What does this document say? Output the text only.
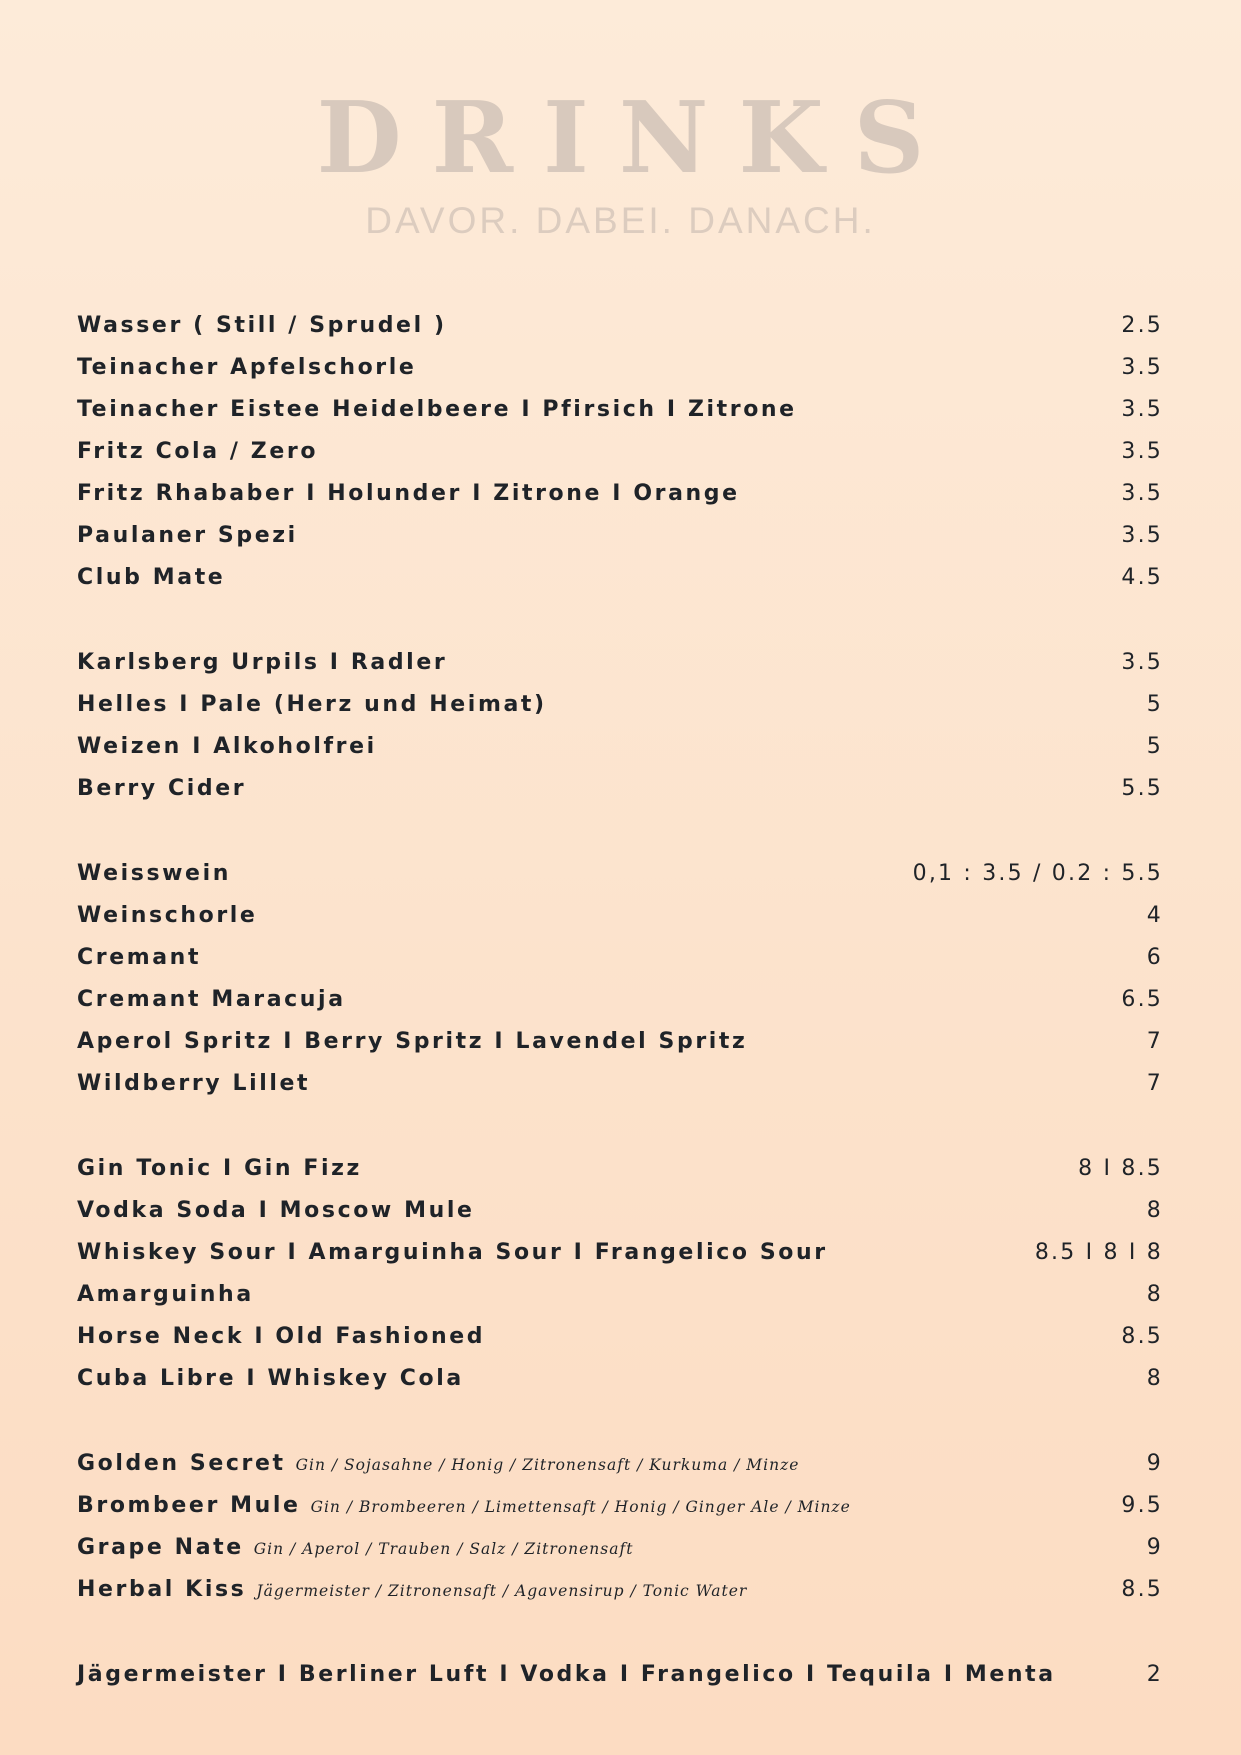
DRINKS
DAVOR. DABEI. DANACH.
Wasser ( Still / Sprudel )	2.5
Teinacher Apfelschorle	3.5
Teinacher Eistee Heidelbeere I Pfirsich I Zitrone	3.5
Fritz Cola / Zero	3.5
Fritz Rhababer I Holunder I Zitrone I Orange	3.5
Paulaner Spezi	3.5
Club Mate	4.5
Karlsberg Urpils I Radler	3.5
Helles I Pale (Herz und Heimat)	5
Weizen I Alkoholfrei	5
Berry Cider	5.5
Weisswein	0,1 : 3.5 / 0.2 : 5.5
Weinschorle	4
Cremant	6
Cremant Maracuja	6.5
Aperol Spritz I Berry Spritz I Lavendel Spritz	7
Wildberry Lillet	7
Gin Tonic I Gin Fizz	8 I 8.5
Vodka Soda I Moscow Mule	8
Whiskey Sour I Amarguinha Sour I Frangelico Sour	8.5 I 8 I 8
Amarguinha	8
Horse Neck I Old Fashioned	8.5
Cuba Libre I Whiskey Cola	8
Golden Secret Gin / Sojasahne / Honig / Zitronensaft / Kurkuma / Minze	9
Brombeer Mule Gin / Brombeeren / Limettensaft / Honig / Ginger Ale / Minze	9.5
Grape Nate Gin / Aperol / Trauben / Salz / Zitronensaft	9
Herbal Kiss Jägermeister / Zitronensaft / Agavensirup / Tonic Water	8.5
Jägermeister I Berliner Luft I Vodka I Frangelico I Tequila I Menta	2
